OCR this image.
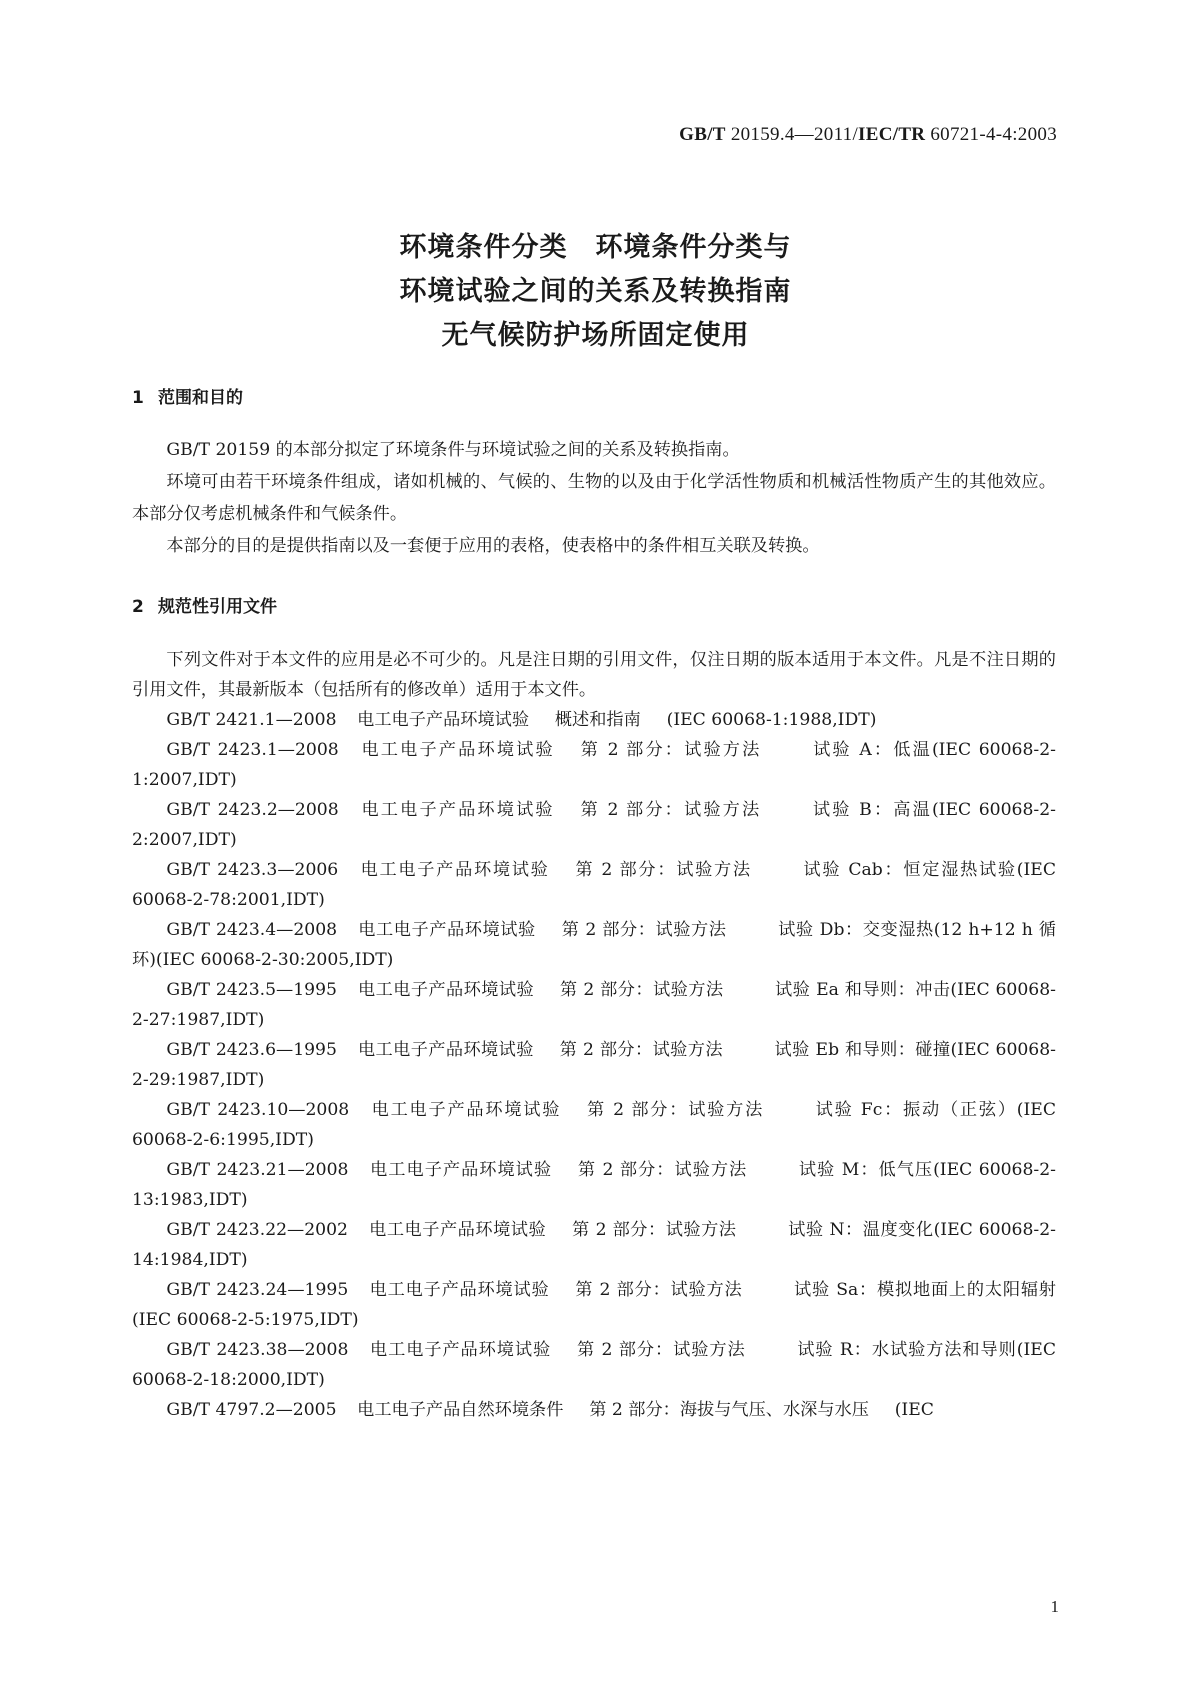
GB/T 20159.4—2011/IEC/TR 60721-4-4:2003
环境条件分类　环境条件分类与
环境试验之间的关系及转换指南
无气候防护场所固定使用
1 范围和目的

GB/T 20159 的本部分拟定了环境条件与环境试验之间的关系及转换指南。

环境可由若干环境条件组成，诸如机械的、气候的、生物的以及由于化学活性物质和机械活性物质产生的其他效应。本部分仅考虑机械条件和气候条件。

本部分的目的是提供指南以及一套便于应用的表格，使表格中的条件相互关联及转换。

2 规范性引用文件

下列文件对于本文件的应用是必不可少的。凡是注日期的引用文件，仅注日期的版本适用于本文件。凡是不注日期的引用文件，其最新版本（包括所有的修改单）适用于本文件。

GB/T 2421.1—2008 电工电子产品环境试验 概述和指南 (IEC 60068-1:1988,IDT)

GB/T 2423.1—2008 电工电子产品环境试验 第 2 部分：试验方法	试验 A：低温(IEC 60068-2-1:2007,IDT)

GB/T 2423.2—2008 电工电子产品环境试验 第 2 部分：试验方法	试验 B：高温(IEC 60068-2-2:2007,IDT)

GB/T 2423.3—2006 电工电子产品环境试验 第 2 部分：试验方法	试验 Cab：恒定湿热试验(IEC 60068-2-78:2001,IDT)

GB/T 2423.4—2008 电工电子产品环境试验 第 2 部分：试验方法	试验 Db：交变湿热(12 h+12 h 循环)(IEC 60068-2-30:2005,IDT)

GB/T 2423.5—1995 电工电子产品环境试验 第 2 部分：试验方法	试验 Ea 和导则：冲击(IEC 60068-2-27:1987,IDT)

GB/T 2423.6—1995 电工电子产品环境试验 第 2 部分：试验方法	试验 Eb 和导则：碰撞(IEC 60068-2-29:1987,IDT)

GB/T 2423.10—2008 电工电子产品环境试验 第 2 部分：试验方法	试验 Fc：振动（正弦）(IEC 60068-2-6:1995,IDT)

GB/T 2423.21—2008 电工电子产品环境试验 第 2 部分：试验方法	试验 M：低气压(IEC 60068-2-13:1983,IDT)

GB/T 2423.22—2002 电工电子产品环境试验 第 2 部分：试验方法	试验 N：温度变化(IEC 60068-2-14:1984,IDT)

GB/T 2423.24—1995 电工电子产品环境试验 第 2 部分：试验方法	试验 Sa：模拟地面上的太阳辐射(IEC 60068-2-5:1975,IDT)

GB/T 2423.38—2008 电工电子产品环境试验 第 2 部分：试验方法	试验 R：水试验方法和导则(IEC 60068-2-18:2000,IDT)

GB/T 4797.2—2005 电工电子产品自然环境条件 第 2 部分：海拔与气压、水深与水压 (IEC

1
